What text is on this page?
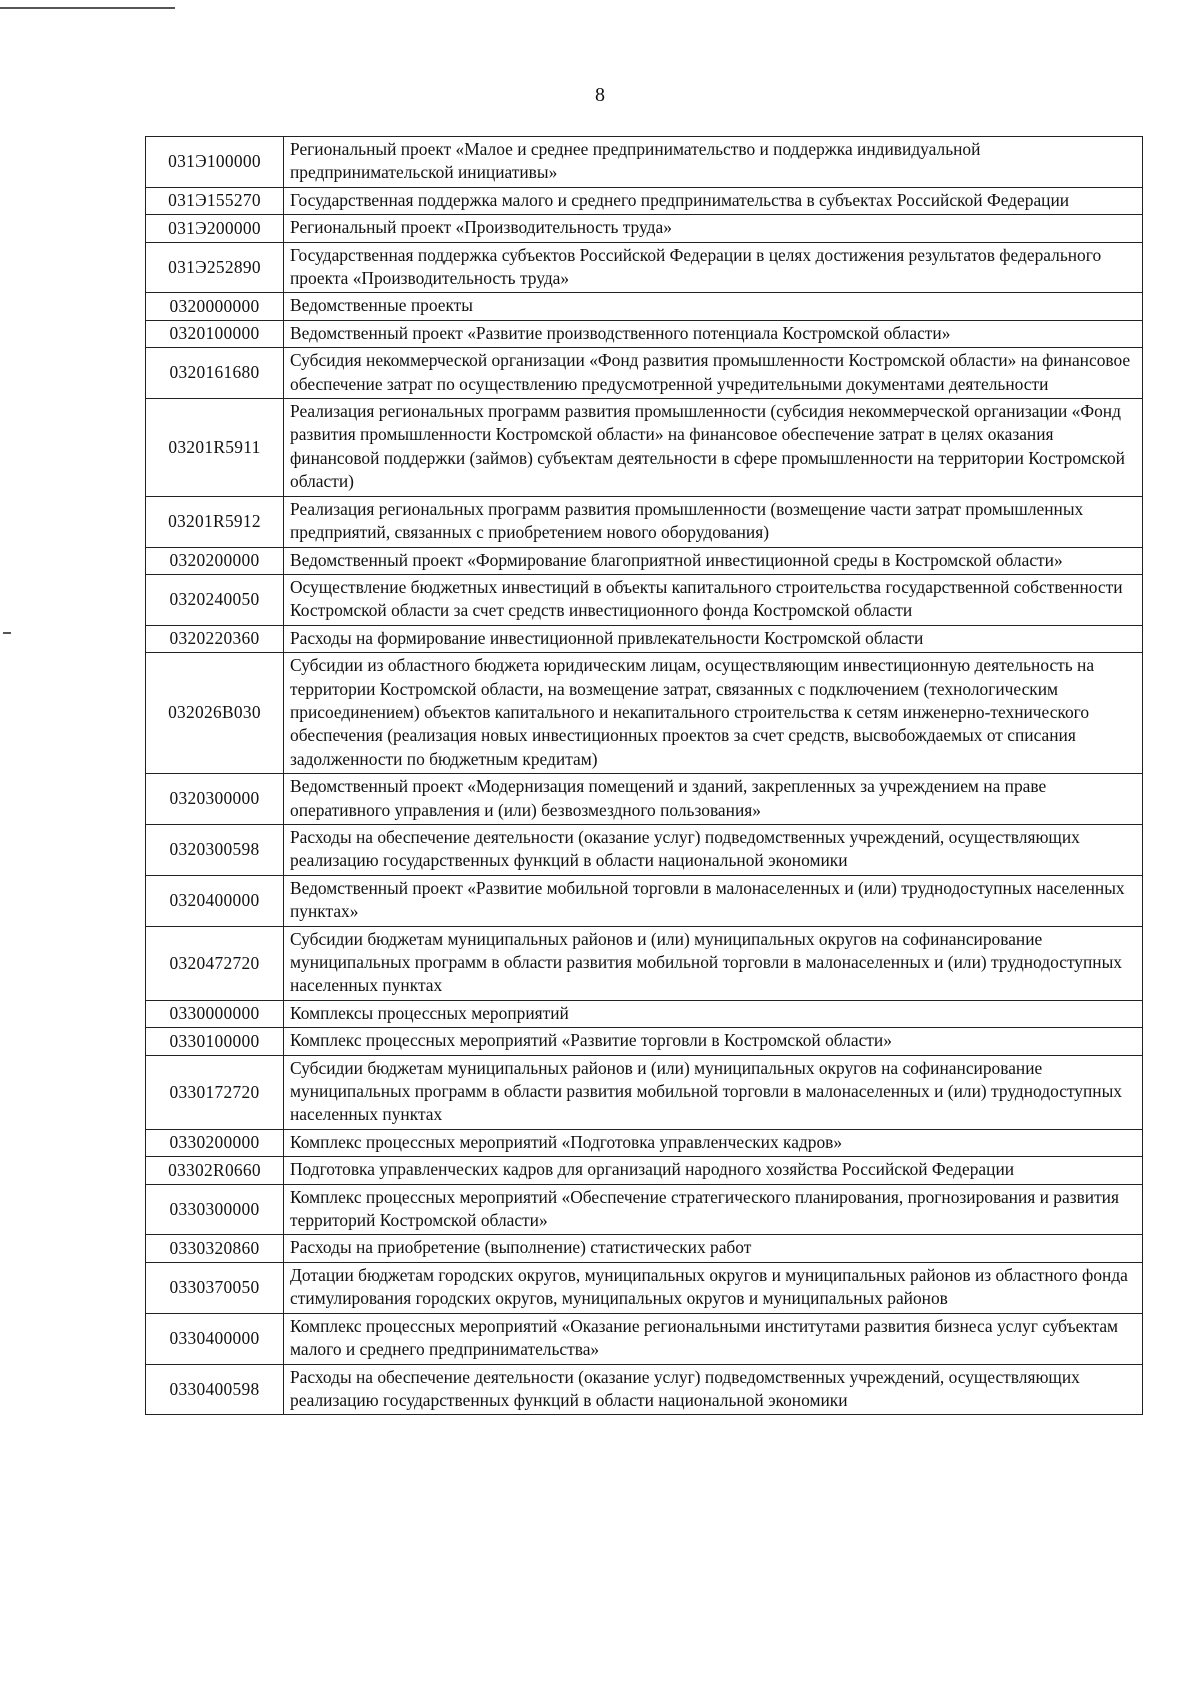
8
031Э100000	Региональный проект «Малое и среднее предпринимательство и поддержка индивидуальной предпринимательской инициативы»
031Э155270	Государственная поддержка малого и среднего предпринимательства в субъектах Российской Федерации
031Э200000	Региональный проект «Производительность труда»
031Э252890	Государственная поддержка субъектов Российской Федерации в целях достижения результатов федерального проекта «Производительность труда»
0320000000	Ведомственные проекты
0320100000	Ведомственный проект «Развитие производственного потенциала Костромской области»
0320161680	Субсидия некоммерческой организации «Фонд развития промышленности Костромской области» на финансовое обеспечение затрат по осуществлению предусмотренной учредительными документами деятельности
03201R5911	Реализация региональных программ развития промышленности (субсидия некоммерческой организации «Фонд развития промышленности Костромской области» на финансовое обеспечение затрат в целях оказания финансовой поддержки (займов) субъектам деятельности в сфере промышленности на территории Костромской области)
03201R5912	Реализация региональных программ развития промышленности (возмещение части затрат промышленных предприятий, связанных с приобретением нового оборудования)
0320200000	Ведомственный проект «Формирование благоприятной инвестиционной среды в Костромской области»
0320240050	Осуществление бюджетных инвестиций в объекты капитального строительства государственной собственности Костромской области за счет средств инвестиционного фонда Костромской области
0320220360	Расходы на формирование инвестиционной привлекательности Костромской области
032026B030	Субсидии из областного бюджета юридическим лицам, осуществляющим инвестиционную деятельность на территории Костромской области, на возмещение затрат, связанных с подключением (технологическим присоединением) объектов капитального и некапитального строительства к сетям инженерно-технического обеспечения (реализация новых инвестиционных проектов за счет средств, высвобождаемых от списания задолженности по бюджетным кредитам)
0320300000	Ведомственный проект «Модернизация помещений и зданий, закрепленных за учреждением на праве оперативного управления и (или) безвозмездного пользования»
0320300598	Расходы на обеспечение деятельности (оказание услуг) подведомственных учреждений, осуществляющих реализацию государственных функций в области национальной экономики
0320400000	Ведомственный проект «Развитие мобильной торговли в малонаселенных и (или) труднодоступных населенных пунктах»
0320472720	Субсидии бюджетам муниципальных районов и (или) муниципальных округов на софинансирование муниципальных программ в области развития мобильной торговли в малонаселенных и (или) труднодоступных населенных пунктах
0330000000	Комплексы процессных мероприятий
0330100000	Комплекс процессных мероприятий «Развитие торговли в Костромской области»
0330172720	Субсидии бюджетам муниципальных районов и (или) муниципальных округов на софинансирование муниципальных программ в области развития мобильной торговли в малонаселенных и (или) труднодоступных населенных пунктах
0330200000	Комплекс процессных мероприятий «Подготовка управленческих кадров»
03302R0660	Подготовка управленческих кадров для организаций народного хозяйства Российской Федерации
0330300000	Комплекс процессных мероприятий «Обеспечение стратегического планирования, прогнозирования и развития территорий Костромской области»
0330320860	Расходы на приобретение (выполнение) статистических работ
0330370050	Дотации бюджетам городских округов, муниципальных округов и муниципальных районов из областного фонда стимулирования городских округов, муниципальных округов и муниципальных районов
0330400000	Комплекс процессных мероприятий «Оказание региональными институтами развития бизнеса услуг субъектам малого и среднего предпринимательства»
0330400598	Расходы на обеспечение деятельности (оказание услуг) подведомственных учреждений, осуществляющих реализацию государственных функций в области национальной экономики
